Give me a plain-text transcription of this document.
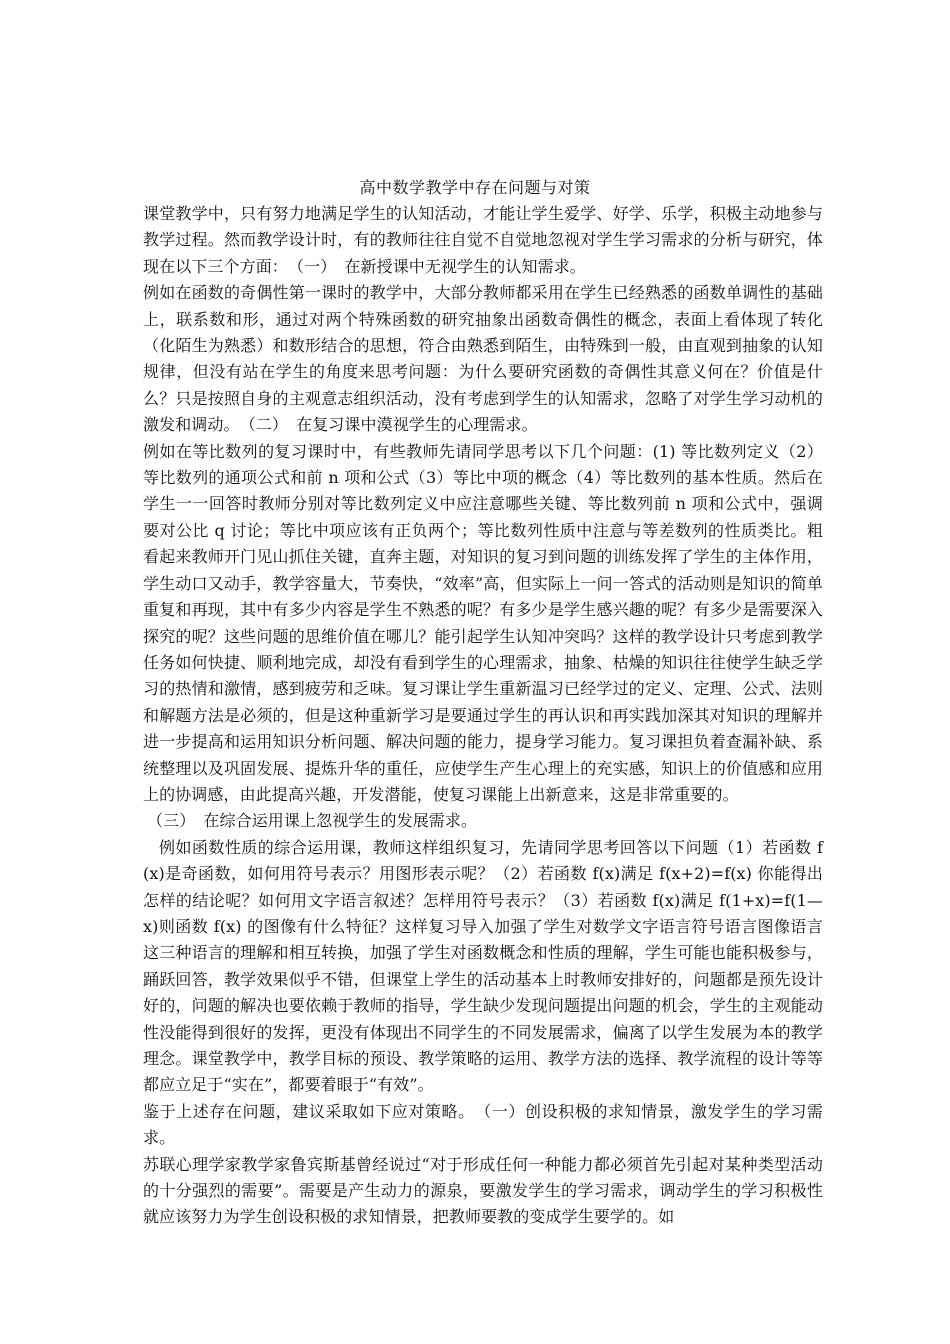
高中数学教学中存在问题与对策

课堂教学中，只有努力地满足学生的认知活动，才能让学生爱学、好学、乐学，积极主动地参与教学过程。然而教学设计时，有的教师往往自觉不自觉地忽视对学生学习需求的分析与研究，体现在以下三个方面：　（一）　在新授课中无视学生的认知需求。

例如在函数的奇偶性第一课时的教学中，大部分教师都采用在学生已经熟悉的函数单调性的基础上，联系数和形，通过对两个特殊函数的研究抽象出函数奇偶性的概念，表面上看体现了转化（化陌生为熟悉）和数形结合的思想，符合由熟悉到陌生，由特殊到一般，由直观到抽象的认知规律，但没有站在学生的角度来思考问题：为什么要研究函数的奇偶性其意义何在？价值是什么？只是按照自身的主观意志组织活动，没有考虑到学生的认知需求，忽略了对学生学习动机的激发和调动。　（二）　在复习课中漠视学生的心理需求。

例如在等比数列的复习课时中，有些教师先请同学思考以下几个问题：(1) 等比数列定义（2）等比数列的通项公式和前 n 项和公式（3）等比中项的概念（4）等比数列的基本性质。然后在学生一一回答时教师分别对等比数列定义中应注意哪些关键、等比数列前 n 项和公式中，强调要对公比 q 讨论；等比中项应该有正负两个；等比数列性质中注意与等差数列的性质类比。粗看起来教师开门见山抓住关键，直奔主题，对知识的复习到问题的训练发挥了学生的主体作用，学生动口又动手，教学容量大，节奏快，“效率”高，但实际上一问一答式的活动则是知识的简单重复和再现，其中有多少内容是学生不熟悉的呢？有多少是学生感兴趣的呢？有多少是需要深入探究的呢？这些问题的思维价值在哪儿？能引起学生认知冲突吗？这样的教学设计只考虑到教学任务如何快捷、顺利地完成，却没有看到学生的心理需求，抽象、枯燥的知识往往使学生缺乏学习的热情和激情，感到疲劳和乏味。复习课让学生重新温习已经学过的定义、定理、公式、法则和解题方法是必须的，但是这种重新学习是要通过学生的再认识和再实践加深其对知识的理解并进一步提高和运用知识分析问题、解决问题的能力，提身学习能力。复习课担负着查漏补缺、系统整理以及巩固发展、提炼升华的重任，应使学生产生心理上的充实感，知识上的价值感和应用上的协调感，由此提高兴趣，开发潜能，使复习课能上出新意来，这是非常重要的。

（三）　在综合运用课上忽视学生的发展需求。

例如函数性质的综合运用课，教师这样组织复习，先请同学思考回答以下问题（1）若函数 f(x)是奇函数，如何用符号表示？用图形表示呢？（2）若函数 f(x)满足 f(x+2)=f(x) 你能得出怎样的结论呢？如何用文字语言叙述？怎样用符号表示？（3）若函数 f(x)满足 f(1+x)=f(1—x)则函数 f(x) 的图像有什么特征？这样复习导入加强了学生对数学文字语言符号语言图像语言这三种语言的理解和相互转换，加强了学生对函数概念和性质的理解，学生可能也能积极参与，踊跃回答，教学效果似乎不错，但课堂上学生的活动基本上时教师安排好的，问题都是预先设计好的，问题的解决也要依赖于教师的指导，学生缺少发现问题提出问题的机会，学生的主观能动性没能得到很好的发挥，更没有体现出不同学生的不同发展需求，偏离了以学生发展为本的教学理念。课堂教学中，教学目标的预设、教学策略的运用、教学方法的选择、教学流程的设计等等都应立足于“实在”，都要着眼于“有效”。

鉴于上述存在问题，建议采取如下应对策略。　（一）创设积极的求知情景，激发学生的学习需求。

苏联心理学家教学家鲁宾斯基曾经说过“对于形成任何一种能力都必须首先引起对某种类型活动的十分强烈的需要”。需要是产生动力的源泉，要激发学生的学习需求，调动学生的学习积极性就应该努力为学生创设积极的求知情景，把教师要教的变成学生要学的。如
